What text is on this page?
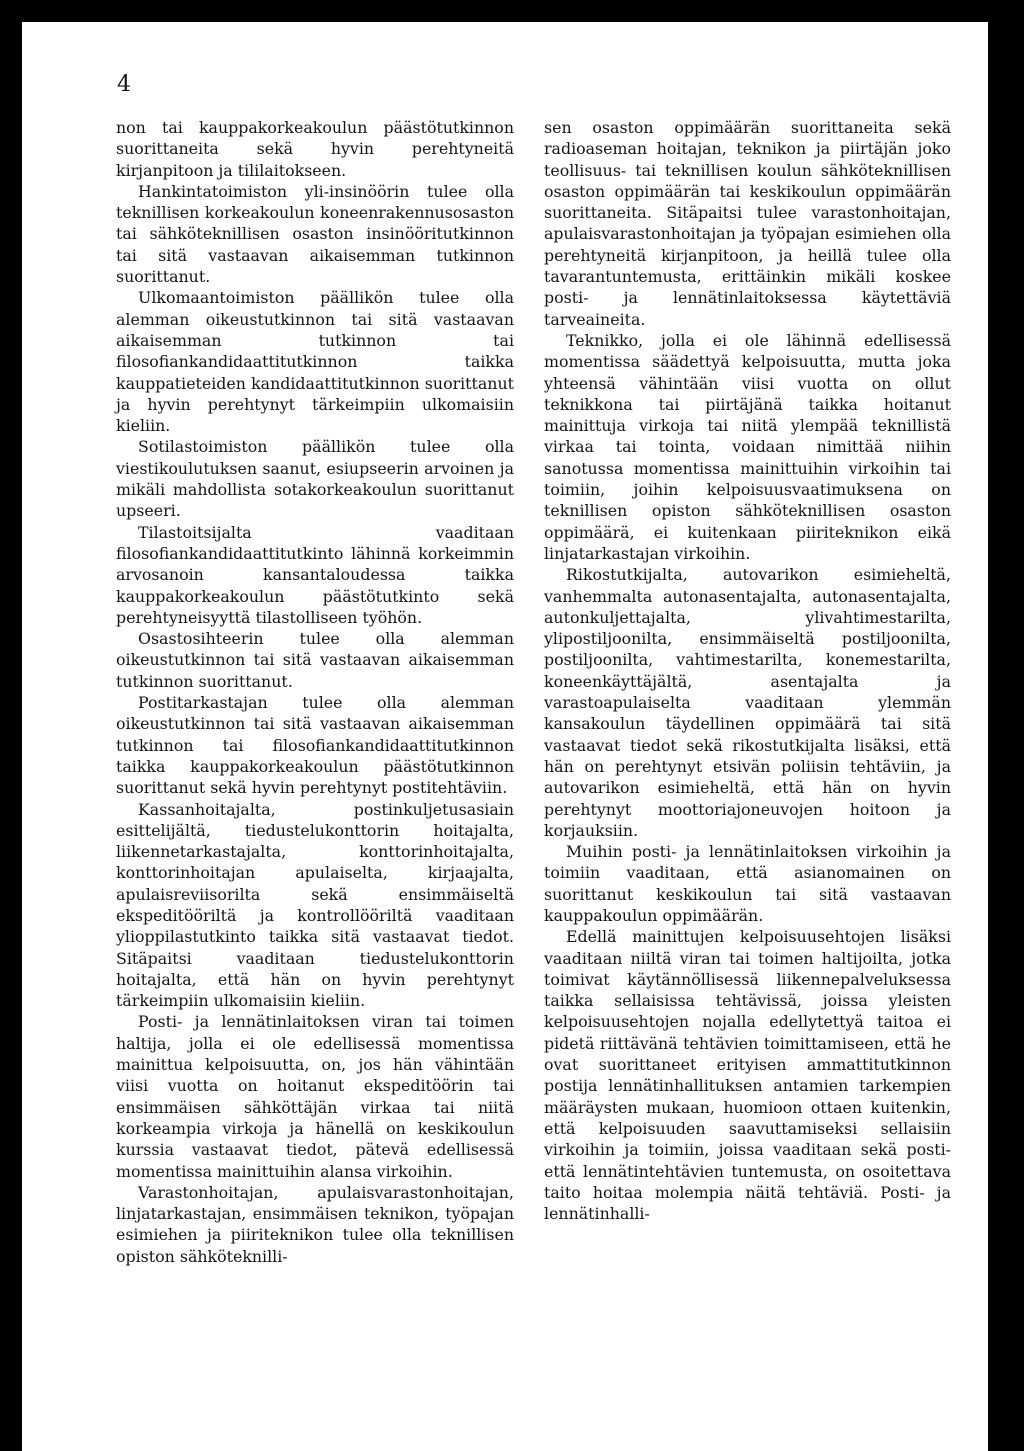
4

non tai kauppakorkeakoulun päästötutkinnon suorittaneita sekä hyvin perehtyneitä kirjanpitoon ja tililaitokseen.

Hankintatoimiston yli-insinöörin tulee olla teknillisen korkeakoulun koneenrakennusosaston tai sähköteknillisen osaston insinööritutkinnon tai sitä vastaavan aikaisemman tutkinnon suorittanut.

Ulkomaantoimiston päällikön tulee olla alemman oikeustutkinnon tai sitä vastaavan aikaisemman tutkinnon tai filosofiankandidaattitutkinnon taikka kauppatieteiden kandidaattitutkinnon suorittanut ja hyvin perehtynyt tärkeimpiin ulkomaisiin kieliin.

Sotilastoimiston päällikön tulee olla viestikoulutuksen saanut, esiupseerin arvoinen ja mikäli mahdollista sotakorkeakoulun suorittanut upseeri.

Tilastoitsijalta vaaditaan filosofiankandidaattitutkinto lähinnä korkeimmin arvosanoin kansantaloudessa taikka kauppakorkeakoulun päästötutkinto sekä perehtyneisyyttä tilastolliseen työhön.

Osastosihteerin tulee olla alemman oikeustutkinnon tai sitä vastaavan aikaisemman tutkinnon suorittanut.

Postitarkastajan tulee olla alemman oikeustutkinnon tai sitä vastaavan aikaisemman tutkinnon tai filosofiankandidaattitutkinnon taikka kauppakorkeakoulun päästötutkinnon suorittanut sekä hyvin perehtynyt postitehtäviin.

Kassanhoitajalta, postinkuljetusasiain esittelijältä, tiedustelukonttorin hoitajalta, liikennetarkastajalta, konttorinhoitajalta, konttorinhoitajan apulaiselta, kirjaajalta, apulaisreviisorilta sekä ensimmäiseltä ekspeditööriltä ja kontrollööriltä vaaditaan ylioppilastutkinto taikka sitä vastaavat tiedot. Sitäpaitsi vaaditaan tiedustelukonttorin hoitajalta, että hän on hyvin perehtynyt tärkeimpiin ulkomaisiin kieliin.

Posti- ja lennätinlaitoksen viran tai toimen haltija, jolla ei ole edellisessä momentissa mainittua kelpoisuutta, on, jos hän vähintään viisi vuotta on hoitanut ekspeditöörin tai ensimmäisen sähköttäjän virkaa tai niitä korkeampia virkoja ja hänellä on keskikoulun kurssia vastaavat tiedot, pätevä edellisessä momentissa mainittuihin alansa virkoihin.

Varastonhoitajan, apulaisvarastonhoitajan, linjatarkastajan, ensimmäisen teknikon, työpajan esimiehen ja piiriteknikon tulee olla teknillisen opiston sähköteknilli-

sen osaston oppimäärän suorittaneita sekä radioaseman hoitajan, teknikon ja piirtäjän joko teollisuus- tai teknillisen koulun sähköteknillisen osaston oppimäärän tai keskikoulun oppimäärän suorittaneita. Sitäpaitsi tulee varastonhoitajan, apulaisvarastonhoitajan ja työpajan esimiehen olla perehtyneitä kirjanpitoon, ja heillä tulee olla tavarantuntemusta, erittäinkin mikäli koskee posti- ja lennätinlaitoksessa käytettäviä tarveaineita.

Teknikko, jolla ei ole lähinnä edellisessä momentissa säädettyä kelpoisuutta, mutta joka yhteensä vähintään viisi vuotta on ollut teknikkona tai piirtäjänä taikka hoitanut mainittuja virkoja tai niitä ylempää teknillistä virkaa tai tointa, voidaan nimittää niihin sanotussa momentissa mainittuihin virkoihin tai toimiin, joihin kelpoisuusvaatimuksena on teknillisen opiston sähköteknillisen osaston oppimäärä, ei kuitenkaan piiriteknikon eikä linjatarkastajan virkoihin.

Rikostutkijalta, autovarikon esimieheltä, vanhemmalta autonasentajalta, autonasentajalta, autonkuljettajalta, ylivahtimestarilta, ylipostiljoonilta, ensimmäiseltä postiljoonilta, postiljoonilta, vahtimestarilta, konemestarilta, koneenkäyttäjältä, asentajalta ja varastoapulaiselta vaaditaan ylemmän kansakoulun täydellinen oppimäärä tai sitä vastaavat tiedot sekä rikostutkijalta lisäksi, että hän on perehtynyt etsivän poliisin tehtäviin, ja autovarikon esimieheltä, että hän on hyvin perehtynyt moottoriajoneuvojen hoitoon ja korjauksiin.

Muihin posti- ja lennätinlaitoksen virkoihin ja toimiin vaaditaan, että asianomainen on suorittanut keskikoulun tai sitä vastaavan kauppakoulun oppimäärän.

Edellä mainittujen kelpoisuusehtojen lisäksi vaaditaan niiltä viran tai toimen haltijoilta, jotka toimivat käytännöllisessä liikennepalveluksessa taikka sellaisissa tehtävissä, joissa yleisten kelpoisuusehtojen nojalla edellytettyä taitoa ei pidetä riittävänä tehtävien toimittamiseen, että he ovat suorittaneet erityisen ammattitutkinnon postija lennätinhallituksen antamien tarkempien määräysten mukaan, huomioon ottaen kuitenkin, että kelpoisuuden saavuttamiseksi sellaisiin virkoihin ja toimiin, joissa vaaditaan sekä posti- että lennätintehtävien tuntemusta, on osoitettava taito hoitaa molempia näitä tehtäviä. Posti- ja lennätinhalli-
